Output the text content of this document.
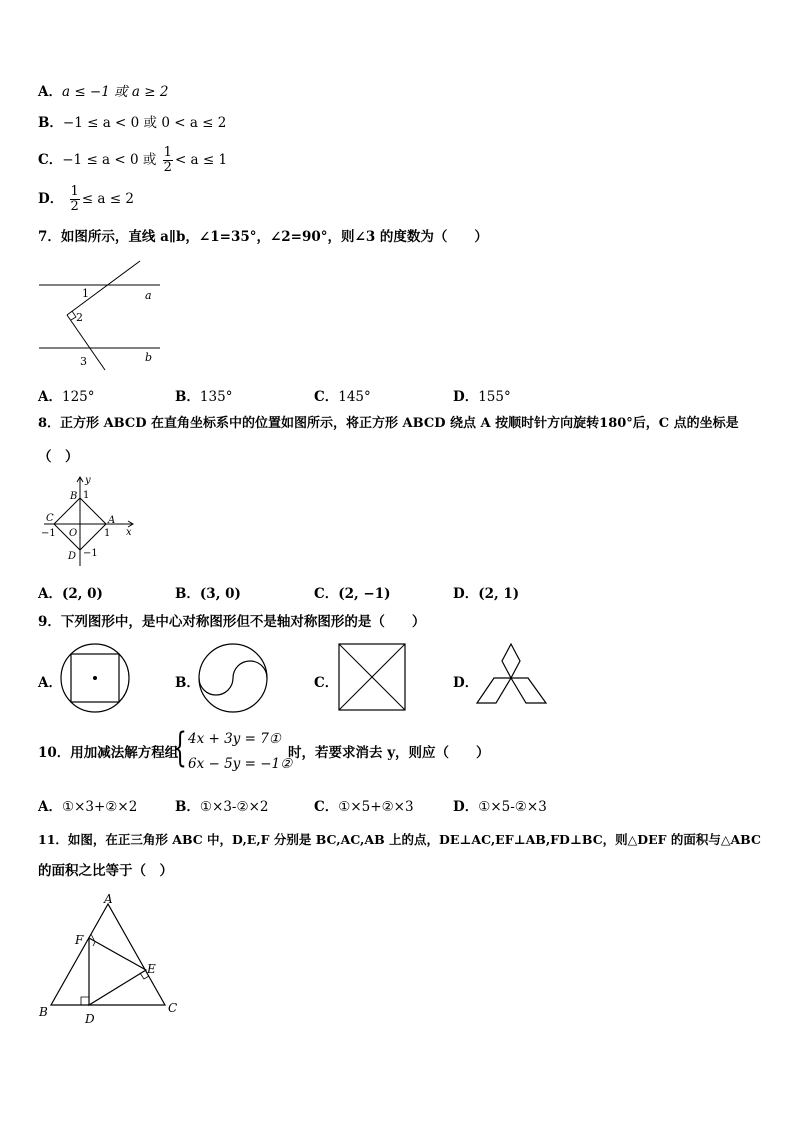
A．a ≤ −1 或 a ≥ 2
B．−1 ≤ a < 0 或 0 < a ≤ 2
C．−1 ≤ a < 0 或 $\frac{1}{2} < a \le 1$
D． $\frac{1}{2} \le a \le 2$
7．如图所示，直线 a∥b，∠1=35°，∠2=90°，则∠3 的度数为（　　）
1
2
3
a
b
A．125°	B．135°	C．145°	D．155°
8．正方形 ABCD 在直角坐标系中的位置如图所示，将正方形 ABCD 绕点 A 按顺时针方向旋转180°后，C 点的坐标是
（　）
y
x
B 1
C	A
−1 O	1
D −1
A．(2, 0)	B．(3, 0)	C．(2, −1)	D．(2, 1)
9．下列图形中，是中心对称图形但不是轴对称图形的是（　　）
A．	B．	C．	D．
10．用加减法解方程组
{ 4x + 3y = 7①
6x − 5y = −1②
时，若要求消去 y，则应（　　）
A．①×3+②×2	B．①×3-②×2	C．①×5+②×3	D．①×5-②×3
11．如图，在正三角形 ABC 中，D,E,F 分别是 BC,AC,AB 上的点，DE⊥AC,EF⊥AB,FD⊥BC，则△DEF 的面积与△ABC
的面积之比等于（　）
A
B	C
D
E
F
